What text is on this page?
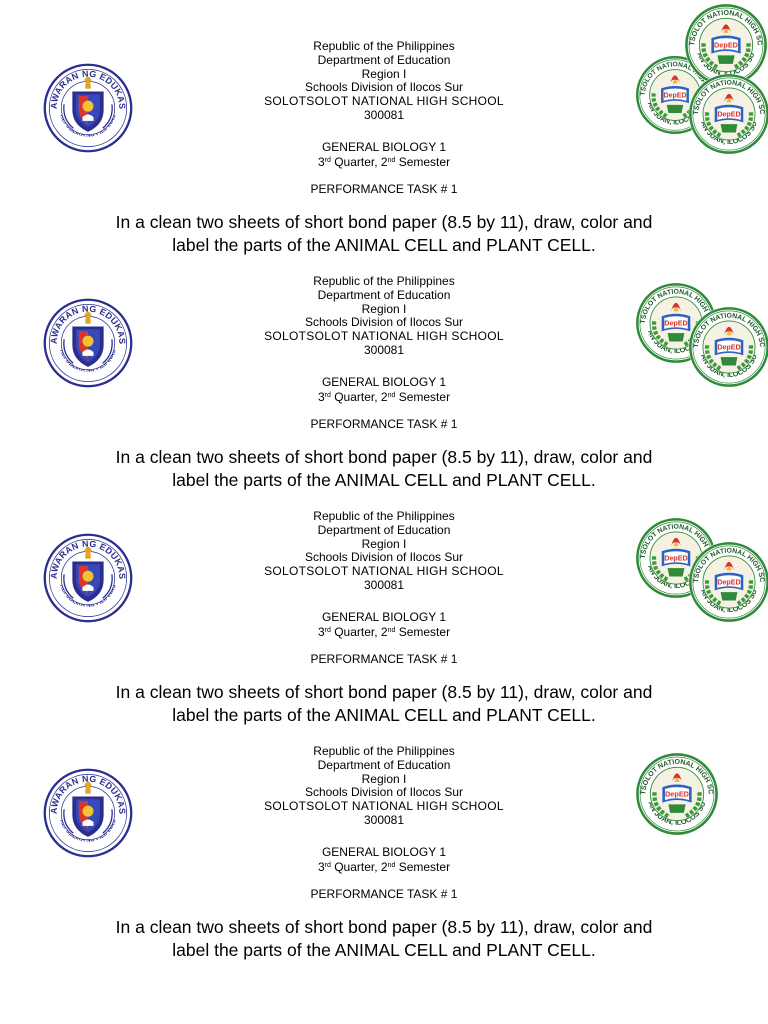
Republic of the Philippines
Department of Education
Region I
Schools Division of Ilocos Sur
SOLOTSOLOT NATIONAL HIGH SCHOOL
300081
GENERAL BIOLOGY 1
3rd Quarter, 2nd Semester
PERFORMANCE TASK # 1
In a clean two sheets of short bond paper (8.5 by 11), draw, color and
label the parts of the ANIMAL CELL and PLANT CELL.
Republic of the Philippines
Department of Education
Region I
Schools Division of Ilocos Sur
SOLOTSOLOT NATIONAL HIGH SCHOOL
300081
GENERAL BIOLOGY 1
3rd Quarter, 2nd Semester
PERFORMANCE TASK # 1
In a clean two sheets of short bond paper (8.5 by 11), draw, color and
label the parts of the ANIMAL CELL and PLANT CELL.
Republic of the Philippines
Department of Education
Region I
Schools Division of Ilocos Sur
SOLOTSOLOT NATIONAL HIGH SCHOOL
300081
GENERAL BIOLOGY 1
3rd Quarter, 2nd Semester
PERFORMANCE TASK # 1
In a clean two sheets of short bond paper (8.5 by 11), draw, color and
label the parts of the ANIMAL CELL and PLANT CELL.
Republic of the Philippines
Department of Education
Region I
Schools Division of Ilocos Sur
SOLOTSOLOT NATIONAL HIGH SCHOOL
300081
GENERAL BIOLOGY 1
3rd Quarter, 2nd Semester
PERFORMANCE TASK # 1
In a clean two sheets of short bond paper (8.5 by 11), draw, color and
label the parts of the ANIMAL CELL and PLANT CELL.
